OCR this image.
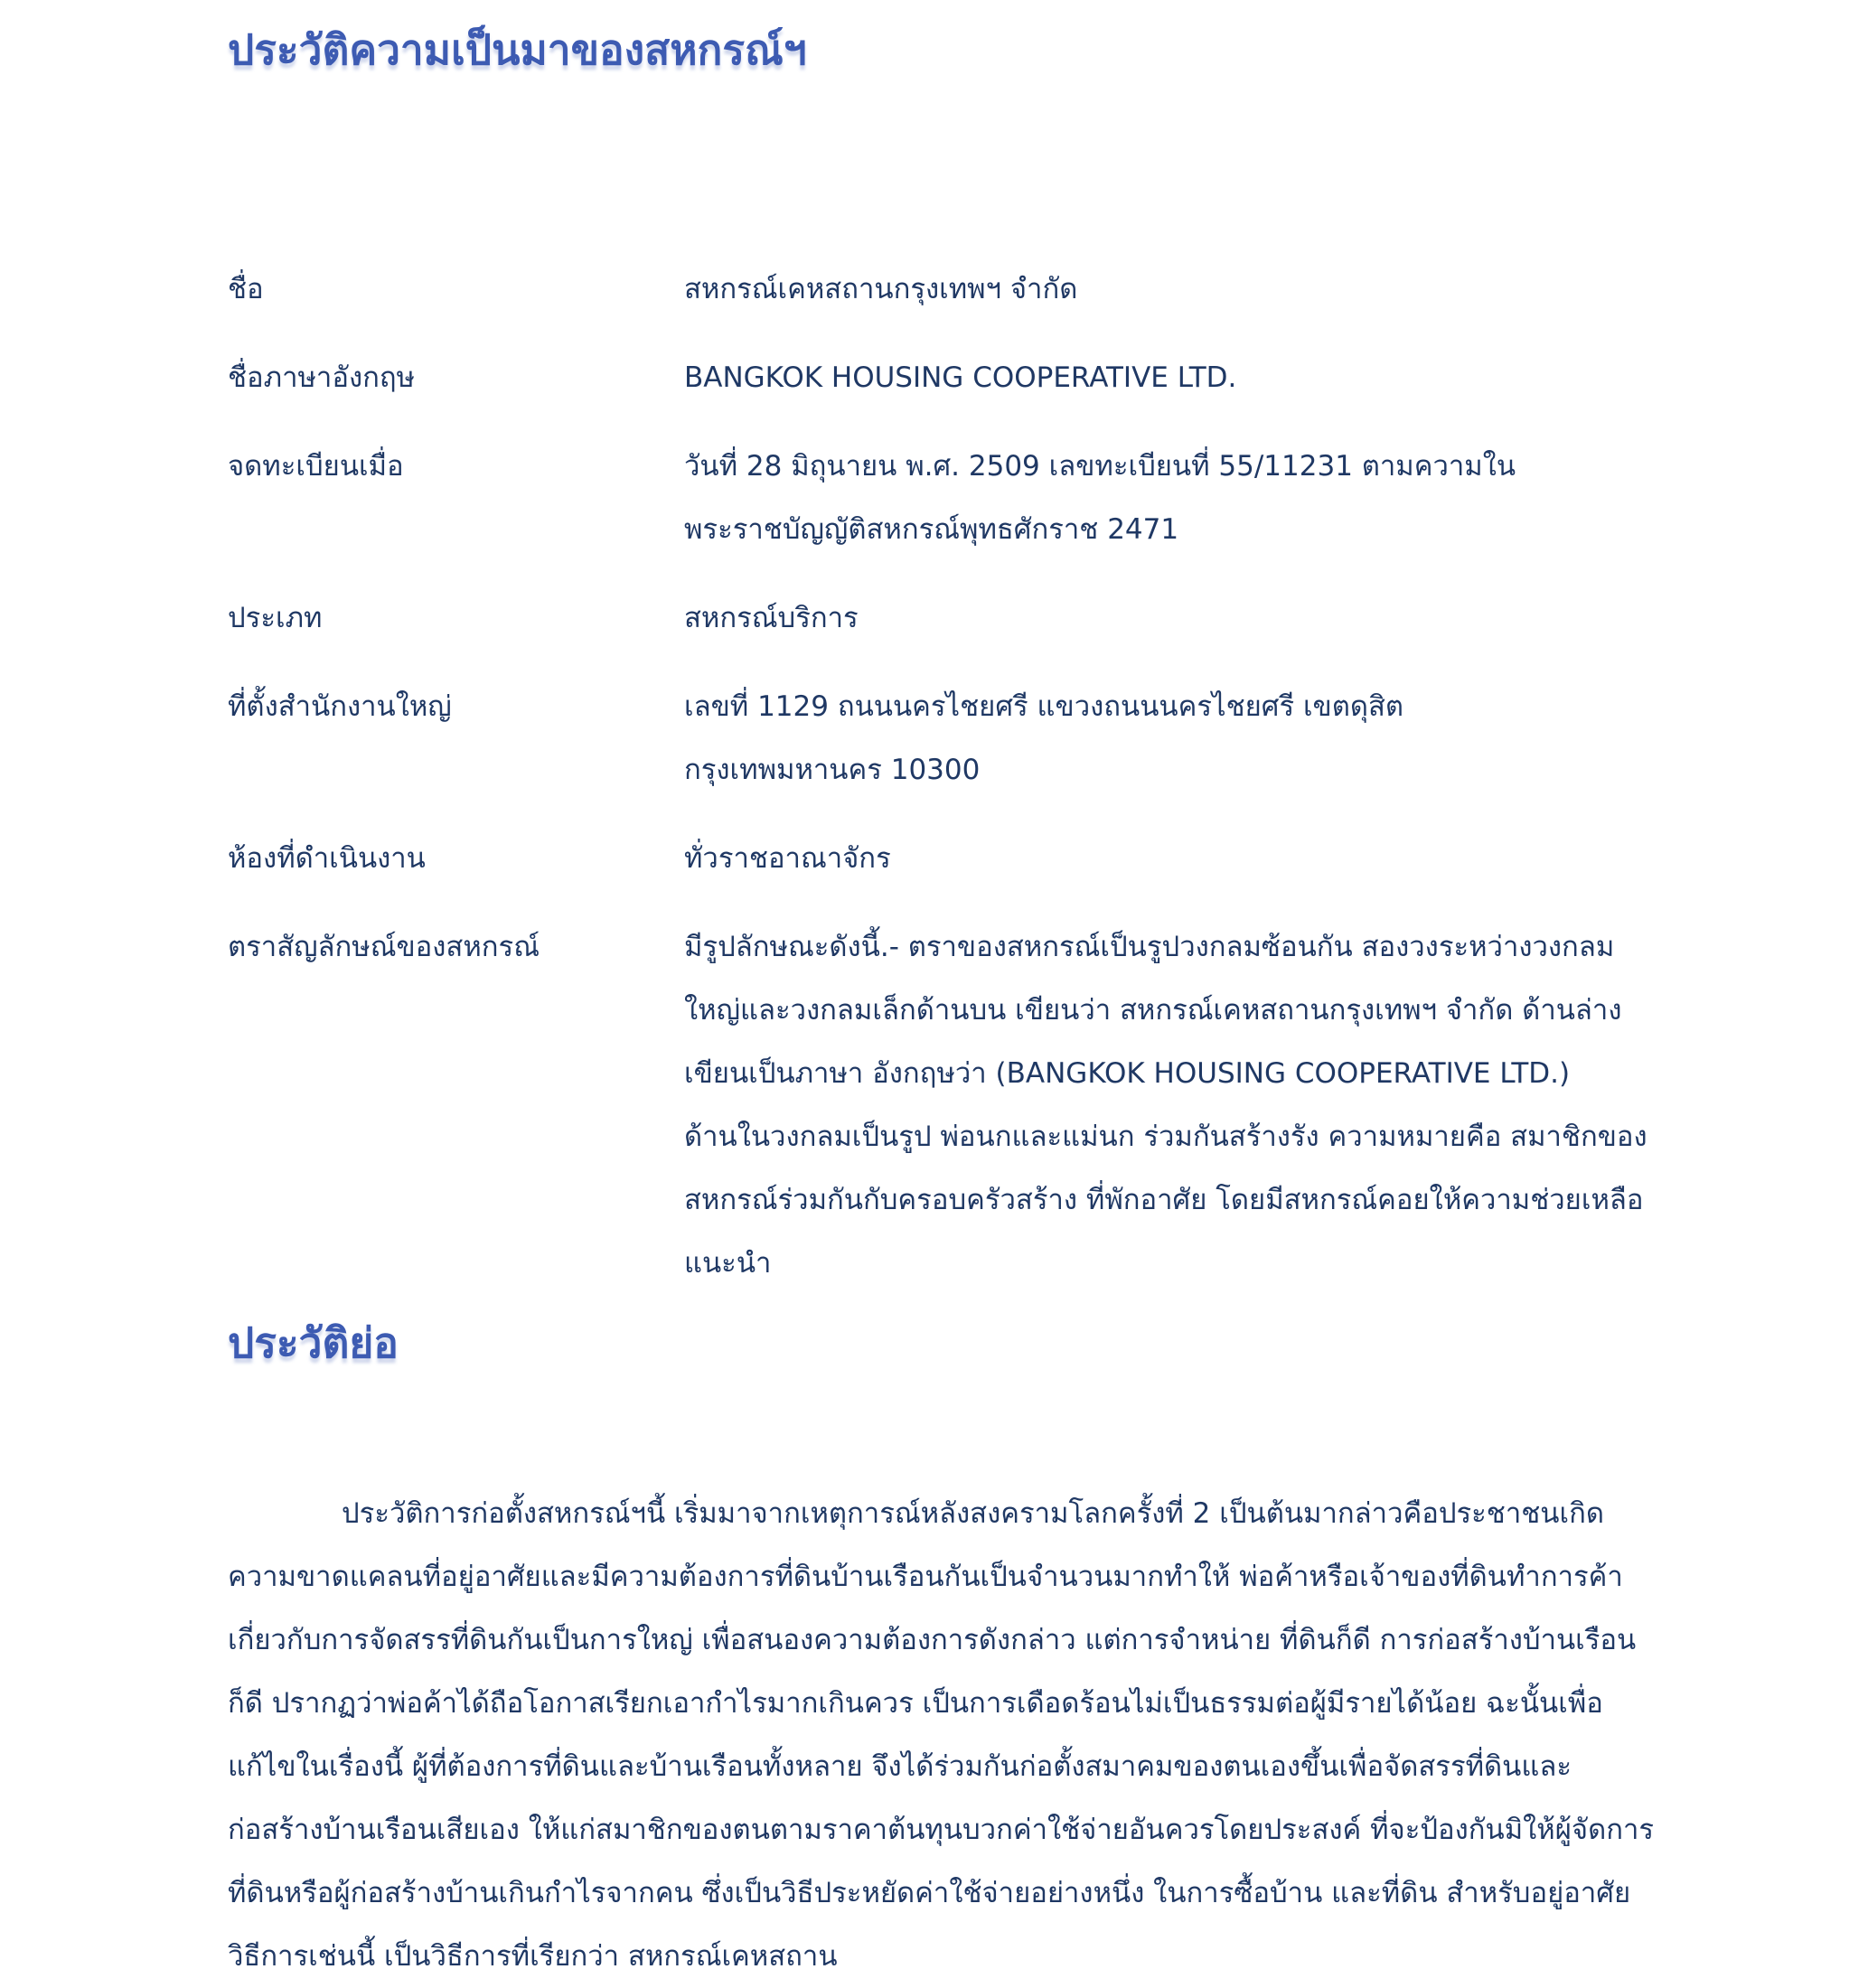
ประวัติความเป็นมาของสหกรณ์ฯ
ชื่อ	สหกรณ์เคหสถานกรุงเทพฯ จำกัด
ชื่อภาษาอังกฤษ	BANGKOK HOUSING COOPERATIVE LTD.
จดทะเบียนเมื่อ	วันที่ 28 มิถุนายน พ.ศ. 2509 เลขทะเบียนที่ 55/11231 ตามความใน
พระราชบัญญัติสหกรณ์พุทธศักราช 2471
ประเภท	สหกรณ์บริการ
ที่ตั้งสำนักงานใหญ่	เลขที่ 1129 ถนนนครไชยศรี แขวงถนนนครไชยศรี เขตดุสิต
กรุงเทพมหานคร 10300
ห้องที่ดำเนินงาน	ทั่วราชอาณาจักร
ตราสัญลักษณ์ของสหกรณ์	มีรูปลักษณะดังนี้.- ตราของสหกรณ์เป็นรูปวงกลมซ้อนกัน สองวงระหว่างวงกลม
ใหญ่และวงกลมเล็กด้านบน เขียนว่า สหกรณ์เคหสถานกรุงเทพฯ จำกัด ด้านล่าง
เขียนเป็นภาษา อังกฤษว่า (BANGKOK HOUSING COOPERATIVE LTD.)
ด้านในวงกลมเป็นรูป พ่อนกและแม่นก ร่วมกันสร้างรัง ความหมายคือ สมาชิกของ
สหกรณ์ร่วมกันกับครอบครัวสร้าง ที่พักอาศัย โดยมีสหกรณ์คอยให้ความช่วยเหลือ
แนะนำ
ประวัติย่อ
ประวัติการก่อตั้งสหกรณ์ฯนี้ เริ่มมาจากเหตุการณ์หลังสงครามโลกครั้งที่ 2 เป็นต้นมากล่าวคือประชาชนเกิด
ความขาดแคลนที่อยู่อาศัยและมีความต้องการที่ดินบ้านเรือนกันเป็นจำนวนมากทำให้ พ่อค้าหรือเจ้าของที่ดินทำการค้า
เกี่ยวกับการจัดสรรที่ดินกันเป็นการใหญ่ เพื่อสนองความต้องการดังกล่าว แต่การจำหน่าย ที่ดินก็ดี การก่อสร้างบ้านเรือน
ก็ดี ปรากฏว่าพ่อค้าได้ถือโอกาสเรียกเอากำไรมากเกินควร เป็นการเดือดร้อนไม่เป็นธรรมต่อผู้มีรายได้น้อย ฉะนั้นเพื่อ
แก้ไขในเรื่องนี้ ผู้ที่ต้องการที่ดินและบ้านเรือนทั้งหลาย จึงได้ร่วมกันก่อตั้งสมาคมของตนเองขึ้นเพื่อจัดสรรที่ดินและ
ก่อสร้างบ้านเรือนเสียเอง ให้แก่สมาชิกของตนตามราคาต้นทุนบวกค่าใช้จ่ายอันควรโดยประสงค์ ที่จะป้องกันมิให้ผู้จัดการ
ที่ดินหรือผู้ก่อสร้างบ้านเกินกำไรจากคน ซึ่งเป็นวิธีประหยัดค่าใช้จ่ายอย่างหนึ่ง ในการซื้อบ้าน และที่ดิน สำหรับอยู่อาศัย
วิธีการเช่นนี้ เป็นวิธีการที่เรียกว่า สหกรณ์เคหสถาน
